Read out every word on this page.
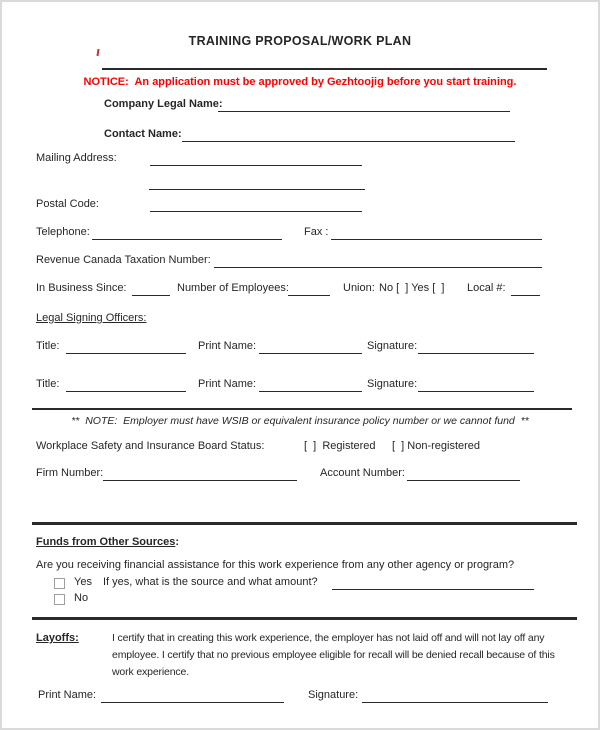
TRAINING PROPOSAL/WORK PLAN
NOTICE:  An application must be approved by Gezhtoojig before you start training.
Company Legal Name:
Contact Name:
Mailing Address:
Postal Code:
Telephone:	Fax :
Revenue Canada Taxation Number:
In Business Since:	Number of Employees:	Union: No [  ] Yes [  ] Local #:
Legal Signing Officers:
Title:	Print Name:	Signature:
Title:	Print Name:	Signature:
**  NOTE:  Employer must have WSIB or equivalent insurance policy number or we cannot fund  **
Workplace Safety and Insurance Board Status:	[  ]  Registered [  ] Non-registered
Firm Number:	Account Number:
Funds from Other Sources:
Are you receiving financial assistance for this work experience from any other agency or program?
Yes If yes, what is the source and what amount?
No
Layoffs:	I certify that in creating this work experience, the employer has not laid off and will not lay off any employee. I certify that no previous employee eligible for recall will be denied recall because of this work experience.
Print Name:	Signature:
